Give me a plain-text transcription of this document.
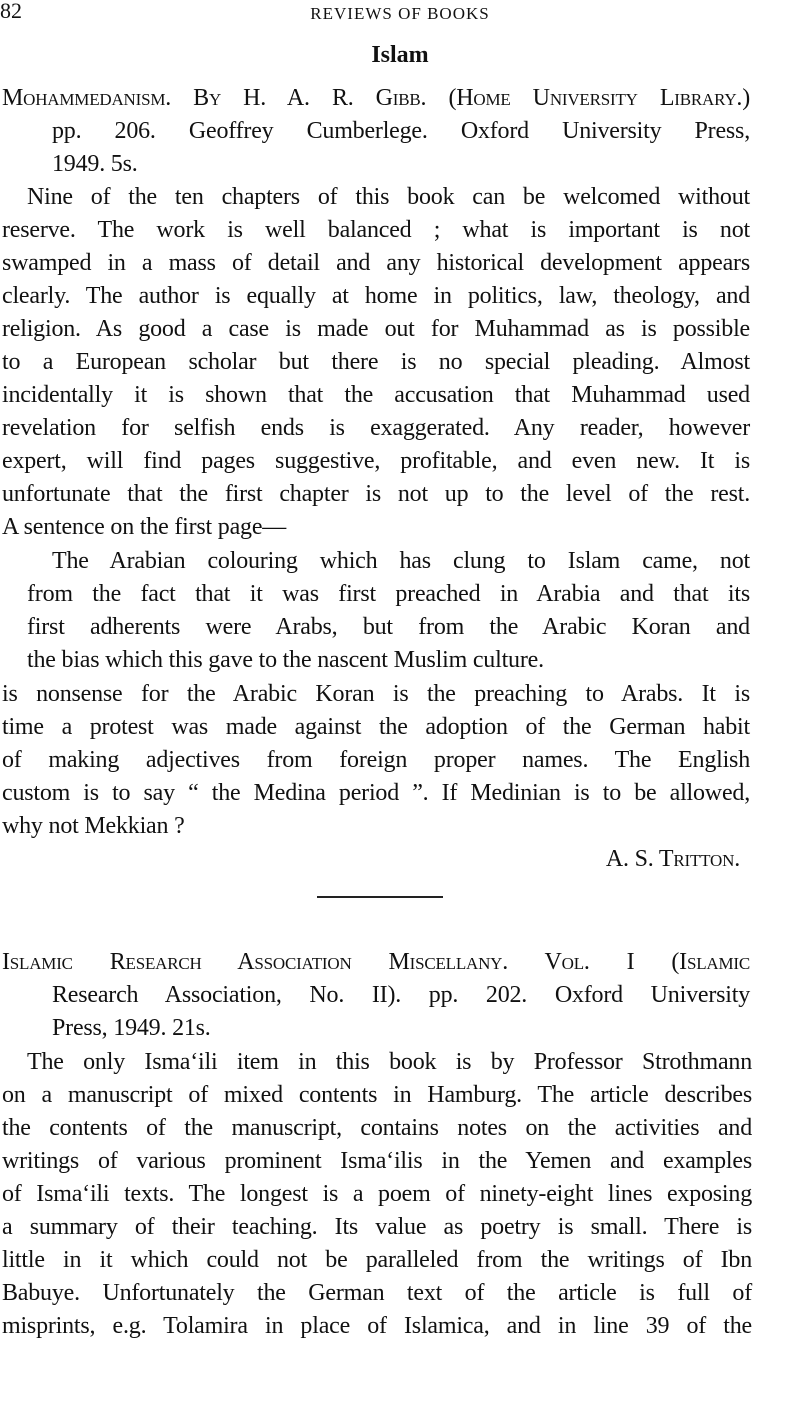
82	REVIEWS OF BOOKS
Islam
Mohammedanism. By H. A. R. Gibb. (Home University Library.)
pp. 206. Geoffrey Cumberlege. Oxford University Press,
1949. 5s.
Nine of the ten chapters of this book can be welcomed without
reserve. The work is well balanced ; what is important is not
swamped in a mass of detail and any historical development appears
clearly. The author is equally at home in politics, law, theology, and
religion. As good a case is made out for Muhammad as is possible
to a European scholar but there is no special pleading. Almost
incidentally it is shown that the accusation that Muhammad used
revelation for selfish ends is exaggerated. Any reader, however
expert, will find pages suggestive, profitable, and even new. It is
unfortunate that the first chapter is not up to the level of the rest.
A sentence on the first page—
The Arabian colouring which has clung to Islam came, not
from the fact that it was first preached in Arabia and that its
first adherents were Arabs, but from the Arabic Koran and
the bias which this gave to the nascent Muslim culture.
is nonsense for the Arabic Koran is the preaching to Arabs. It is
time a protest was made against the adoption of the German habit
of making adjectives from foreign proper names. The English
custom is to say “ the Medina period ”. If Medinian is to be allowed,
why not Mekkian ?
A. S. Tritton.
Islamic Research Association Miscellany. Vol. I (Islamic
Research Association, No. II). pp. 202. Oxford University
Press, 1949. 21s.
The only Ismaʻili item in this book is by Professor Strothmann
on a manuscript of mixed contents in Hamburg. The article describes
the contents of the manuscript, contains notes on the activities and
writings of various prominent Ismaʻilis in the Yemen and examples
of Ismaʻili texts. The longest is a poem of ninety-eight lines exposing
a summary of their teaching. Its value as poetry is small. There is
little in it which could not be paralleled from the writings of Ibn
Babuye. Unfortunately the German text of the article is full of
misprints, e.g. Tolamira in place of Islamica, and in line 39 of the
